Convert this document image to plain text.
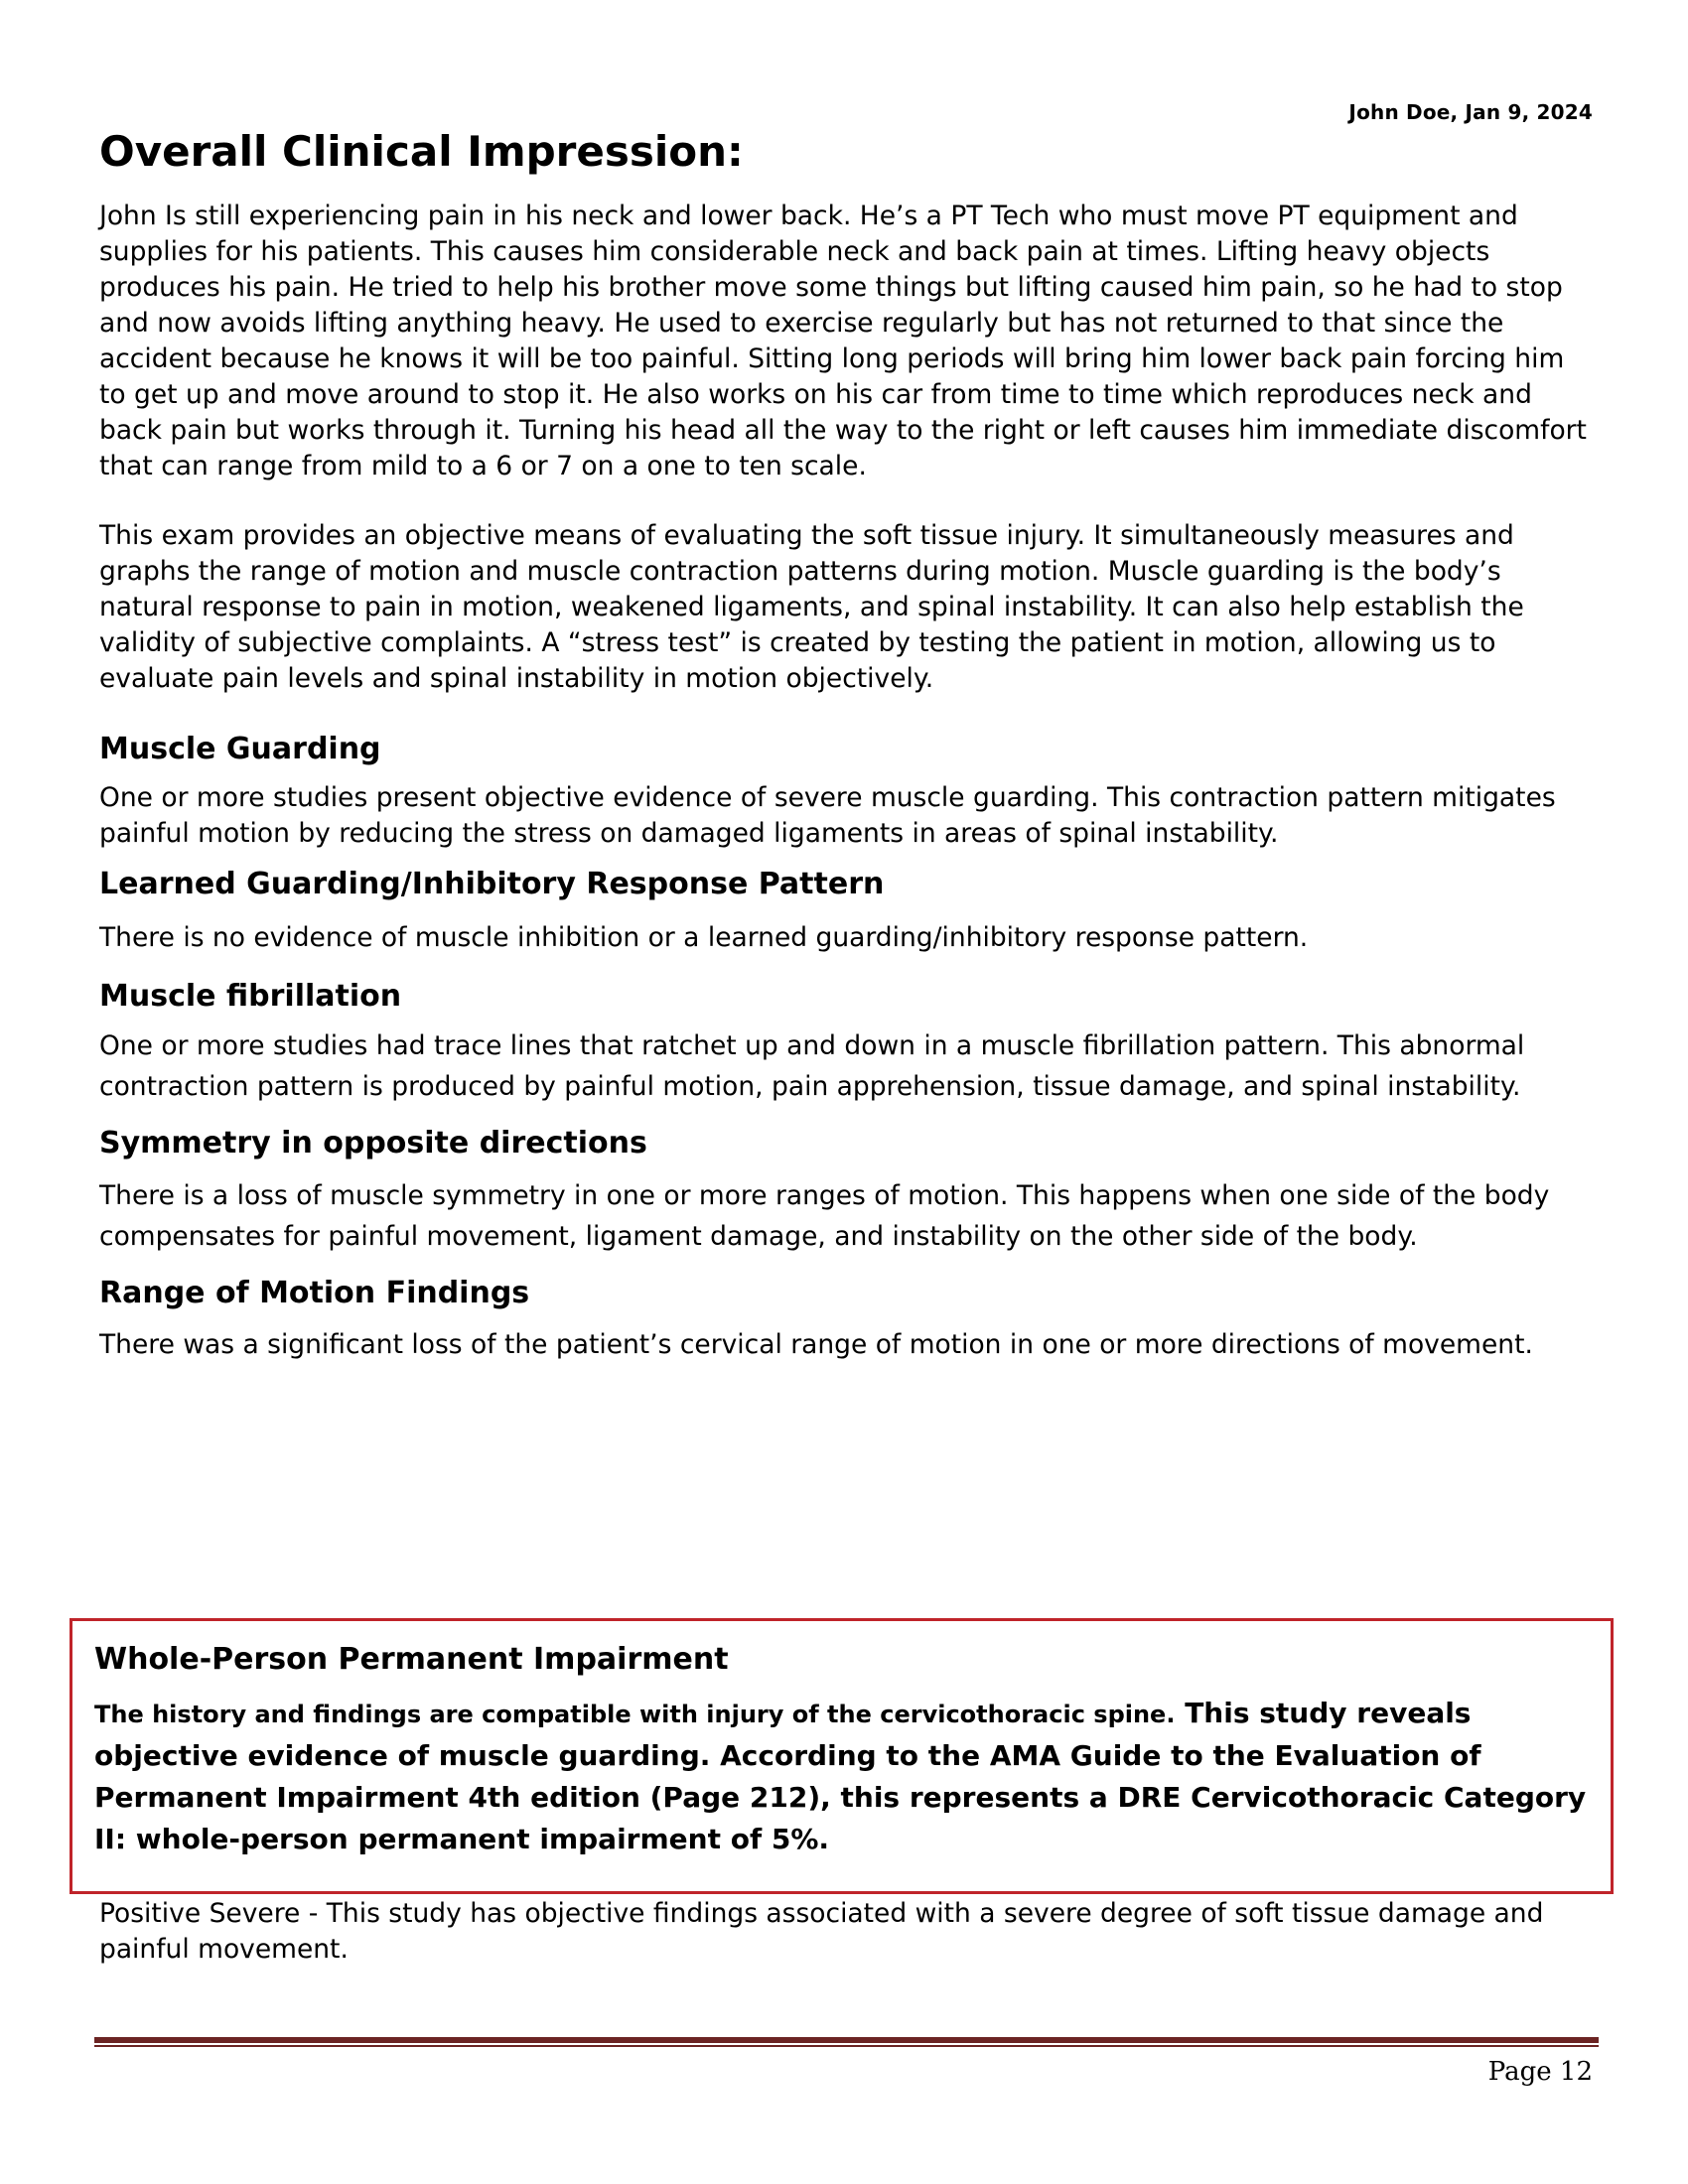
John Doe, Jan 9, 2024
Overall Clinical Impression:

John Is still experiencing pain in his neck and lower back. He’s a PT Tech who must move PT equipment and supplies for his patients. This causes him considerable neck and back pain at times. Lifting heavy objects produces his pain. He tried to help his brother move some things but lifting caused him pain, so he had to stop and now avoids lifting anything heavy. He used to exercise regularly but has not returned to that since the accident because he knows it will be too painful. Sitting long periods will bring him lower back pain forcing him to get up and move around to stop it. He also works on his car from time to time which reproduces neck and back pain but works through it. Turning his head all the way to the right or left causes him immediate discomfort that can range from mild to a 6 or 7 on a one to ten scale.

This exam provides an objective means of evaluating the soft tissue injury. It simultaneously measures and graphs the range of motion and muscle contraction patterns during motion. Muscle guarding is the body’s natural response to pain in motion, weakened ligaments, and spinal instability. It can also help establish the validity of subjective complaints. A “stress test” is created by testing the patient in motion, allowing us to evaluate pain levels and spinal instability in motion objectively.

Muscle Guarding

One or more studies present objective evidence of severe muscle guarding. This contraction pattern mitigates painful motion by reducing the stress on damaged ligaments in areas of spinal instability.

Learned Guarding/Inhibitory Response Pattern

There is no evidence of muscle inhibition or a learned guarding/inhibitory response pattern.

Muscle fibrillation

One or more studies had trace lines that ratchet up and down in a muscle fibrillation pattern. This abnormal contraction pattern is produced by painful motion, pain apprehension, tissue damage, and spinal instability.

Symmetry in opposite directions

There is a loss of muscle symmetry in one or more ranges of motion. This happens when one side of the body compensates for painful movement, ligament damage, and instability on the other side of the body.

Range of Motion Findings

There was a significant loss of the patient’s cervical range of motion in one or more directions of movement.

Whole-Person Permanent Impairment

The history and findings are compatible with injury of the cervicothoracic spine. This study reveals objective evidence of muscle guarding. According to the AMA Guide to the Evaluation of Permanent Impairment 4th edition (Page 212), this represents a DRE Cervicothoracic Category II: whole-person permanent impairment of 5%.

Positive Severe - This study has objective findings associated with a severe degree of soft tissue damage and painful movement.

Page 12
